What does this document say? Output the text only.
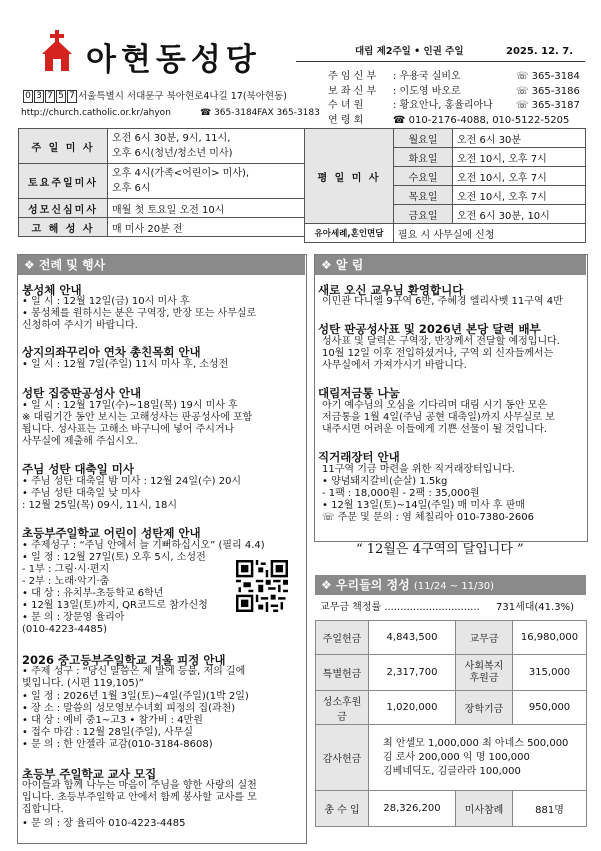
아현동성당	대림 제2주일 • 인권 주일	2025. 12. 7.
0 3 7 5 7 서울특별시 서대문구 북아현로4나길 17(북아현동)
http://church.catholic.or.kr/ahyon	☎ 365-3184 FAX 365-3183
주 임 신 부 : 우용국 실비오	☏ 365-3184
보 좌 신 부 : 이도영 바오로	☏ 365-3186
수 녀 원	: 황요안나, 홍율리아나 ☏ 365-3187
연 령 회	☎ 010-2176-4088, 010-5122-5205
주 일 미 사	오전 6시 30분, 9시, 11시,
오후 6시(청년/청소년 미사)

토요주일미사	오후 4시(가족<어린이> 미사),
오후 6시

성모신심미사	매월 첫 토요일 오전 10시
고 해 성 사	매 미사 20분 전
평 일 미 사	월요일	오전 6시 30분
	화요일	오전 10시, 오후 7시
	수요일	오전 10시, 오후 7시
	목요일	오전 10시, 오후 7시
	금요일	오전 6시 30분, 10시
유아세례,혼인면담	필요 시 사무실에 신청	
❖ 전례 및 행사
봉성체 안내
• 일 시 : 12월 12일(금) 10시 미사 후
• 봉성체를 원하시는 분은 구역장, 반장 또는 사무실로
신청하여 주시기 바랍니다.
상지의좌꾸리아 연차 총친목회 안내
• 일 시 : 12월 7일(주일) 11시 미사 후, 소성전
성탄 집중판공성사 안내
• 일 시 : 12월 17일(수)~18일(목) 19시 미사 후
※ 대림기간 동안 보시는 고해성사는 판공성사에 포함
됩니다. 성사표는 고해소 바구니에 넣어 주시거나
사무실에 제출해 주십시오.
주님 성탄 대축일 미사
• 주님 성탄 대축일 밤 미사 : 12월 24일(수) 20시
• 주님 성탄 대축일 낮 미사
: 12월 25일(목) 09시, 11시, 18시
초등부주일학교 어린이 성탄제 안내
• 주제성구 : “주님 안에서 늘 기뻐하십시오” (필리 4.4)
• 일 정 : 12월 27일(토) 오후 5시, 소성전
- 1부 : 그림·시·편지
- 2부 : 노래·악기·춤
• 대 상 : 유치부-초등학교 6학년
• 12월 13일(토)까지, QR코드로 참가신청
• 문 의 : 장문영 율리아
(010-4223-4485)
2026 중고등부주일학교 겨울 피정 안내
• 주제 성구 : “당신 말씀은 제 발에 등불, 저의 길에
빛입니다. (시편 119,105)”
• 일 정 : 2026년 1월 3일(토)~4일(주일)(1박 2일)
• 장 소 : 말씀의 성모영보수녀회 피정의 집(과천)
• 대 상 : 예비 중1~고3 • 참가비 : 4만원
• 접수 마감 : 12월 28일(주일), 사무실
• 문 의 : 한 안젤라 교감(010-3184-8608)
초등부 주일학교 교사 모집
아이들과 함께 나누는 마음이 주님을 향한 사랑의 실천
입니다. 초등부주일학교 안에서 함께 봉사할 교사를 모
집합니다.
• 문 의 : 장 율리아 010-4223-4485
❖ 알 림
새로 오신 교우님 환영합니다
이민관 다니엘 9구역 6반, 주혜경 엘리사벳 11구역 4반
성탄 판공성사표 및 2026년 본당 달력 배부
성사표 및 달력은 구역장, 반장께서 전달할 예정입니다.
10월 12일 이후 전입하셨거나, 구역 외 신자들께서는
사무실에서 가져가시기 바랍니다.
대림저금통 나눔
아기 예수님의 오심을 기다리며 대림 시기 동안 모은
저금통을 1월 4일(주님 공현 대축일)까지 사무실로 보
내주시면 어려운 이들에게 기쁜 선물이 될 것입니다.
직거래장터 안내
11구역 기금 마련을 위한 직거래장터입니다.
• 양념돼지갈비(순살) 1.5kg
- 1팩 : 18,000원 - 2팩 : 35,000원
• 12월 13일(토)~14일(주일) 매 미사 후 판매
☏ 주문 및 문의 : 염 체칠리아 010-7380-2606
“ 12월은 4구역의 달입니다 ”
❖ 우리들의 정성 (11/24 ~ 11/30)
교무금 책정률 .............................. 731세대(41.3%)
주일헌금	4,843,500	교무금	16,980,000
특별헌금	2,317,700	사회복지
후원금	315,000
성소후원금	1,020,000	장학기금	950,000
감사헌금	최 안셀모 1,000,000 최 아네스 500,000
김 로사 200,000 익 명 100,000
김베네딕도, 김글라라 100,000		

총 수 입	28,326,200	미사참례	881명
